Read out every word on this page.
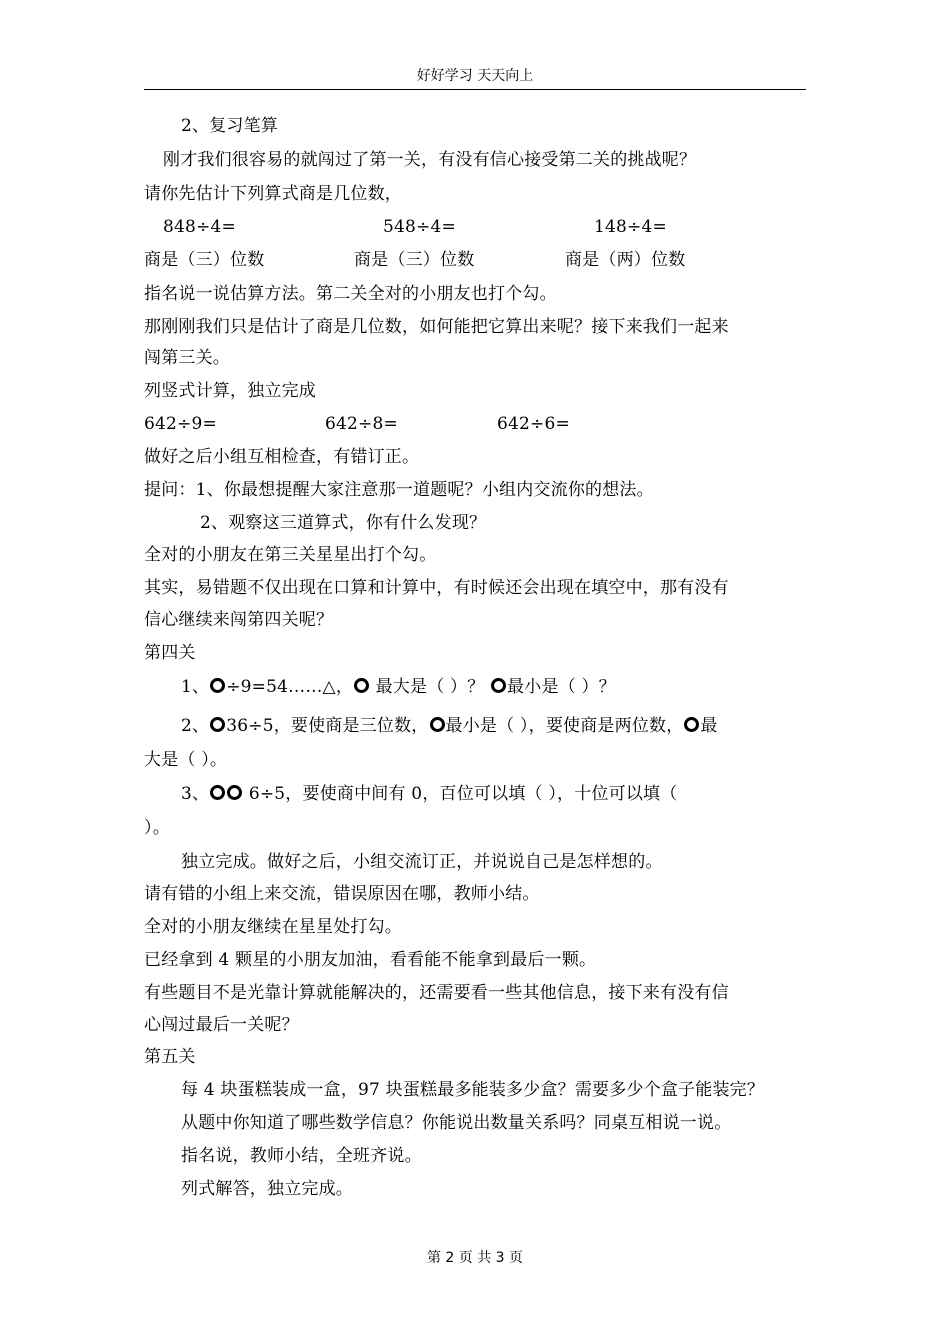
好好学习 天天向上
2、复习笔算
刚才我们很容易的就闯过了第一关，有没有信心接受第二关的挑战呢？
请你先估计下列算式商是几位数，
848÷4=	548÷4=	148÷4=
商是（三）位数	商是（三）位数	商是（两）位数
指名说一说估算方法。第二关全对的小朋友也打个勾。
那刚刚我们只是估计了商是几位数，如何能把它算出来呢？接下来我们一起来
闯第三关。
列竖式计算，独立完成
642÷9=	642÷8=	642÷6=
做好之后小组互相检查，有错订正。
提问：1、你最想提醒大家注意那一道题呢？小组内交流你的想法。
2、观察这三道算式，你有什么发现？
全对的小朋友在第三关星星出打个勾。
其实，易错题不仅出现在口算和计算中，有时候还会出现在填空中，那有没有
信心继续来闯第四关呢？
第四关
1、 ÷9=54……△， 最大是（ ）？ 最小是（ ）？
2、 36÷5，要使商是三位数， 最小是（ ），要使商是两位数， 最
大是（ ）。
3、 6÷5，要使商中间有 0，百位可以填（ ），十位可以填（
）。
独立完成。做好之后，小组交流订正，并说说自己是怎样想的。
请有错的小组上来交流，错误原因在哪，教师小结。
全对的小朋友继续在星星处打勾。
已经拿到 4 颗星的小朋友加油，看看能不能拿到最后一颗。
有些题目不是光靠计算就能解决的，还需要看一些其他信息，接下来有没有信
心闯过最后一关呢？
第五关
每 4 块蛋糕装成一盒，97 块蛋糕最多能装多少盒？需要多少个盒子能装完？
从题中你知道了哪些数学信息？你能说出数量关系吗？同桌互相说一说。
指名说，教师小结，全班齐说。
列式解答，独立完成。
第 2 页 共 3 页
